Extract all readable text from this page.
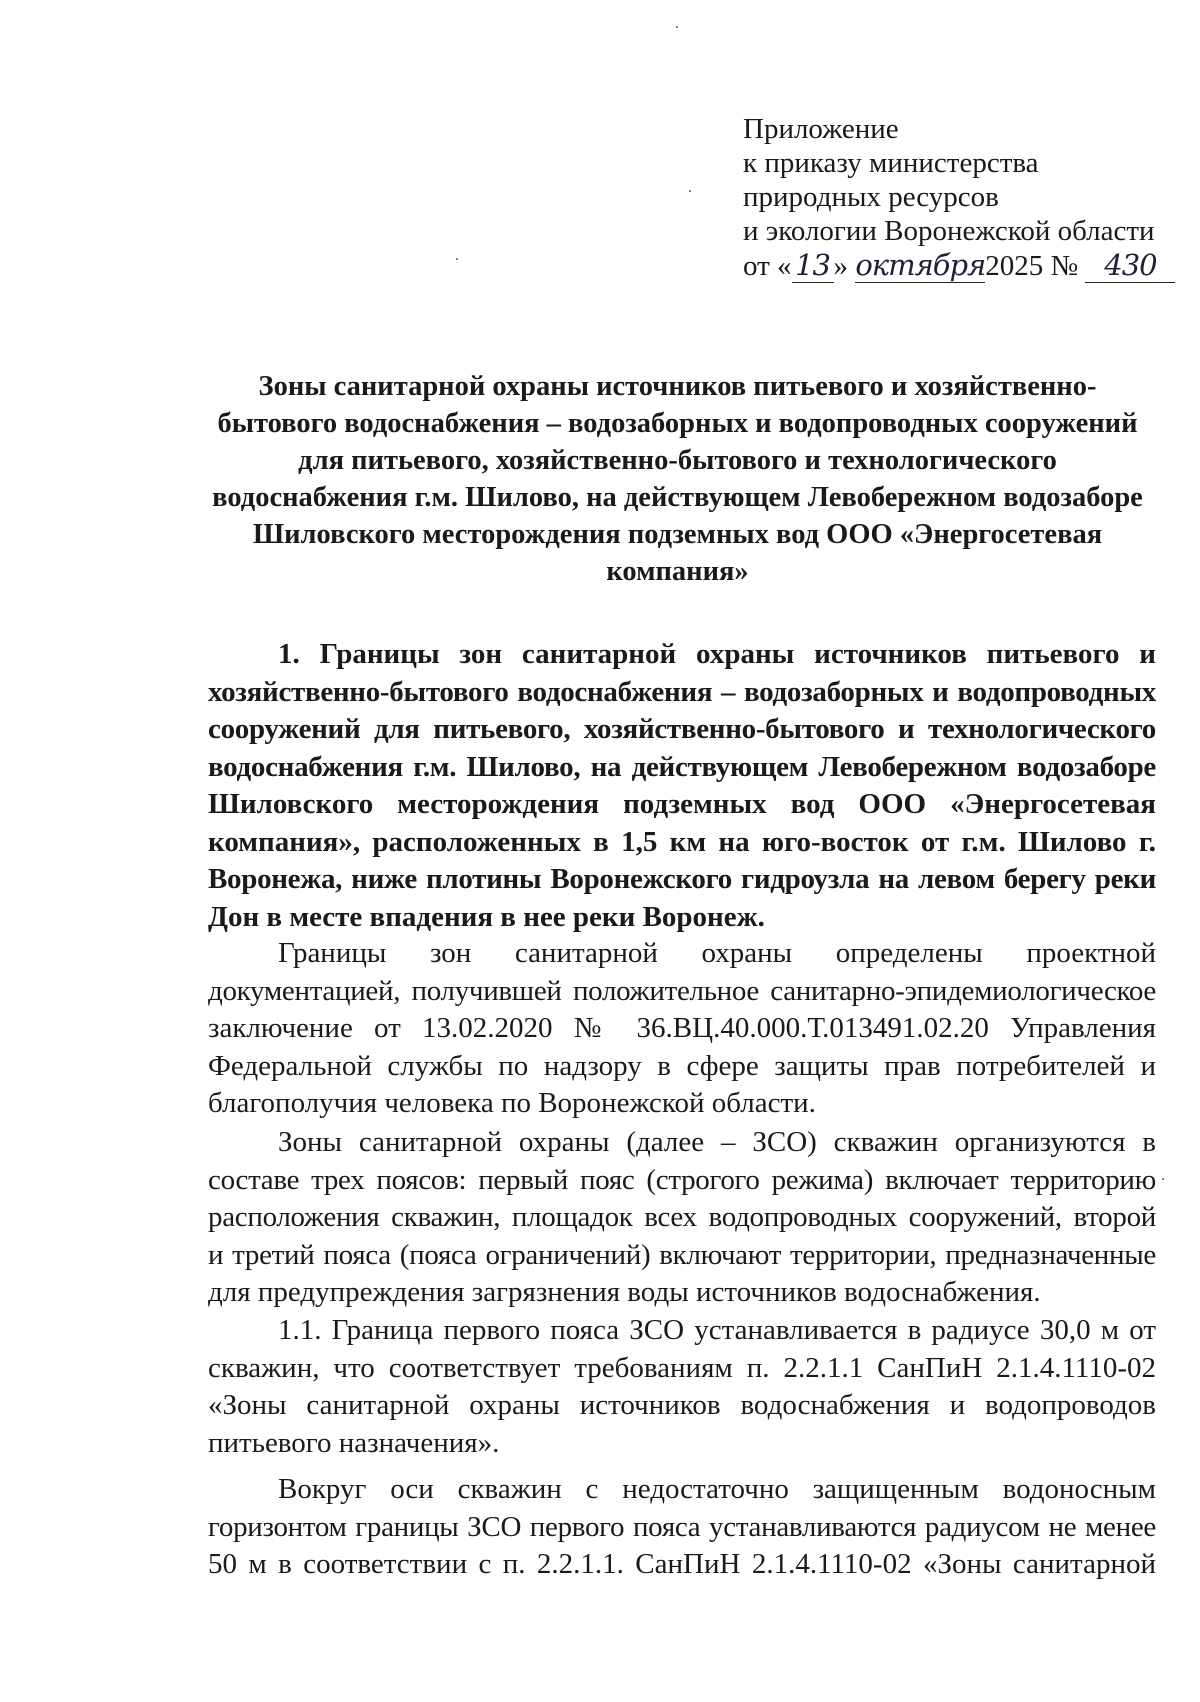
Приложение
к приказу министерства
природных ресурсов
и экологии Воронежской области
от « 13 » октября2025 № 430
Зоны санитарной охраны источников питьевого и хозяйственно-
бытового водоснабжения – водозаборных и водопроводных сооружений
для питьевого, хозяйственно-бытового и технологического
водоснабжения г.м. Шилово, на действующем Левобережном водозаборе
Шиловского месторождения подземных вод ООО «Энергосетевая
компания»
1. Границы зон санитарной охраны источников питьевого и
хозяйственно-бытового водоснабжения – водозаборных и водопроводных
сооружений для питьевого, хозяйственно-бытового и технологического
водоснабжения г.м. Шилово, на действующем Левобережном водозаборе
Шиловского месторождения подземных вод ООО «Энергосетевая
компания», расположенных в 1,5 км на юго-восток от г.м. Шилово г.
Воронежа, ниже плотины Воронежского гидроузла на левом берегу реки
Дон в месте впадения в нее реки Воронеж.
Границы зон санитарной охраны определены проектной
документацией, получившей положительное санитарно-эпидемиологическое
заключение от 13.02.2020 № 36.ВЦ.40.000.Т.013491.02.20 Управления
Федеральной службы по надзору в сфере защиты прав потребителей и
благополучия человека по Воронежской области.
Зоны санитарной охраны (далее – ЗСО) скважин организуются в
составе трех поясов: первый пояс (строгого режима) включает территорию
расположения скважин, площадок всех водопроводных сооружений, второй
и третий пояса (пояса ограничений) включают территории, предназначенные
для предупреждения загрязнения воды источников водоснабжения.
1.1. Граница первого пояса ЗСО устанавливается в радиусе 30,0 м от
скважин, что соответствует требованиям п. 2.2.1.1 СанПиН 2.1.4.1110-02
«Зоны санитарной охраны источников водоснабжения и водопроводов
питьевого назначения».
Вокруг оси скважин с недостаточно защищенным водоносным
горизонтом границы ЗСО первого пояса устанавливаются радиусом не менее
50 м в соответствии с п. 2.2.1.1. СанПиН 2.1.4.1110-02 «Зоны санитарной
